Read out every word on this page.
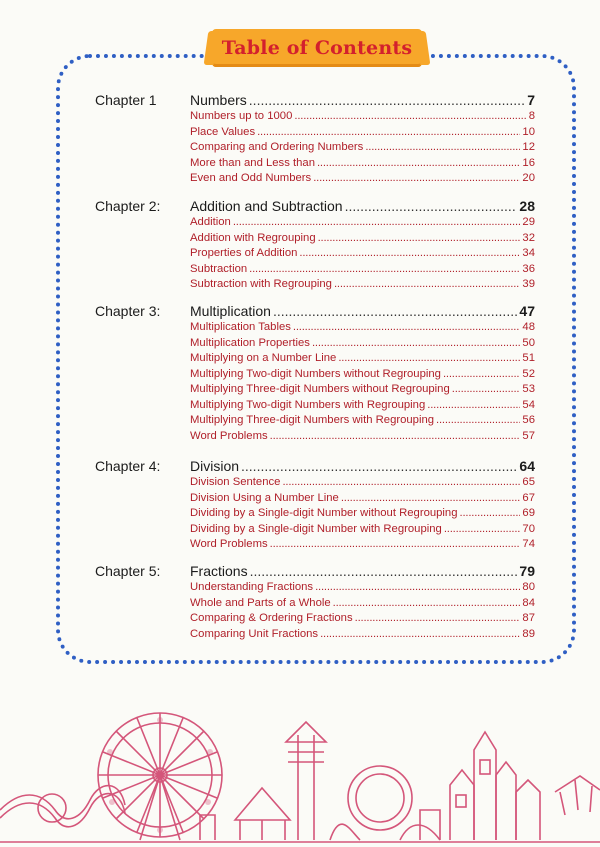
Table of Contents
Chapter 1 Numbers .....	7
Numbers up to 1000 .....	8
Place Values .....	10
Comparing and Ordering Numbers .....	12
More than and Less than .....	16
Even and Odd Numbers .....	20
Chapter 2: Addition and Subtraction .....	28
Addition .....	29
Addition with Regrouping .....	32
Properties of Addition .....	34
Subtraction .....	36
Subtraction with Regrouping .....	39
Chapter 3: Multiplication .....	47
Multiplication Tables .....	48
Multiplication Properties .....	50
Multiplying on a Number Line .....	51
Multiplying Two-digit Numbers without Regrouping .....	52
Multiplying Three-digit Numbers without Regrouping .....	53
Multiplying Two-digit Numbers with Regrouping .....	54
Multiplying Three-digit Numbers with Regrouping .....	56
Word Problems .....	57
Chapter 4: Division .....	64
Division Sentence .....	65
Division Using a Number Line .....	67
Dividing by a Single-digit Number without Regrouping .....	69
Dividing by a Single-digit Number with Regrouping .....	70
Word Problems .....	74
Chapter 5: Fractions .....	79
Understanding Fractions .....	80
Whole and Parts of a Whole .....	84
Comparing & Ordering Fractions .....	87
Comparing Unit Fractions .....	89
